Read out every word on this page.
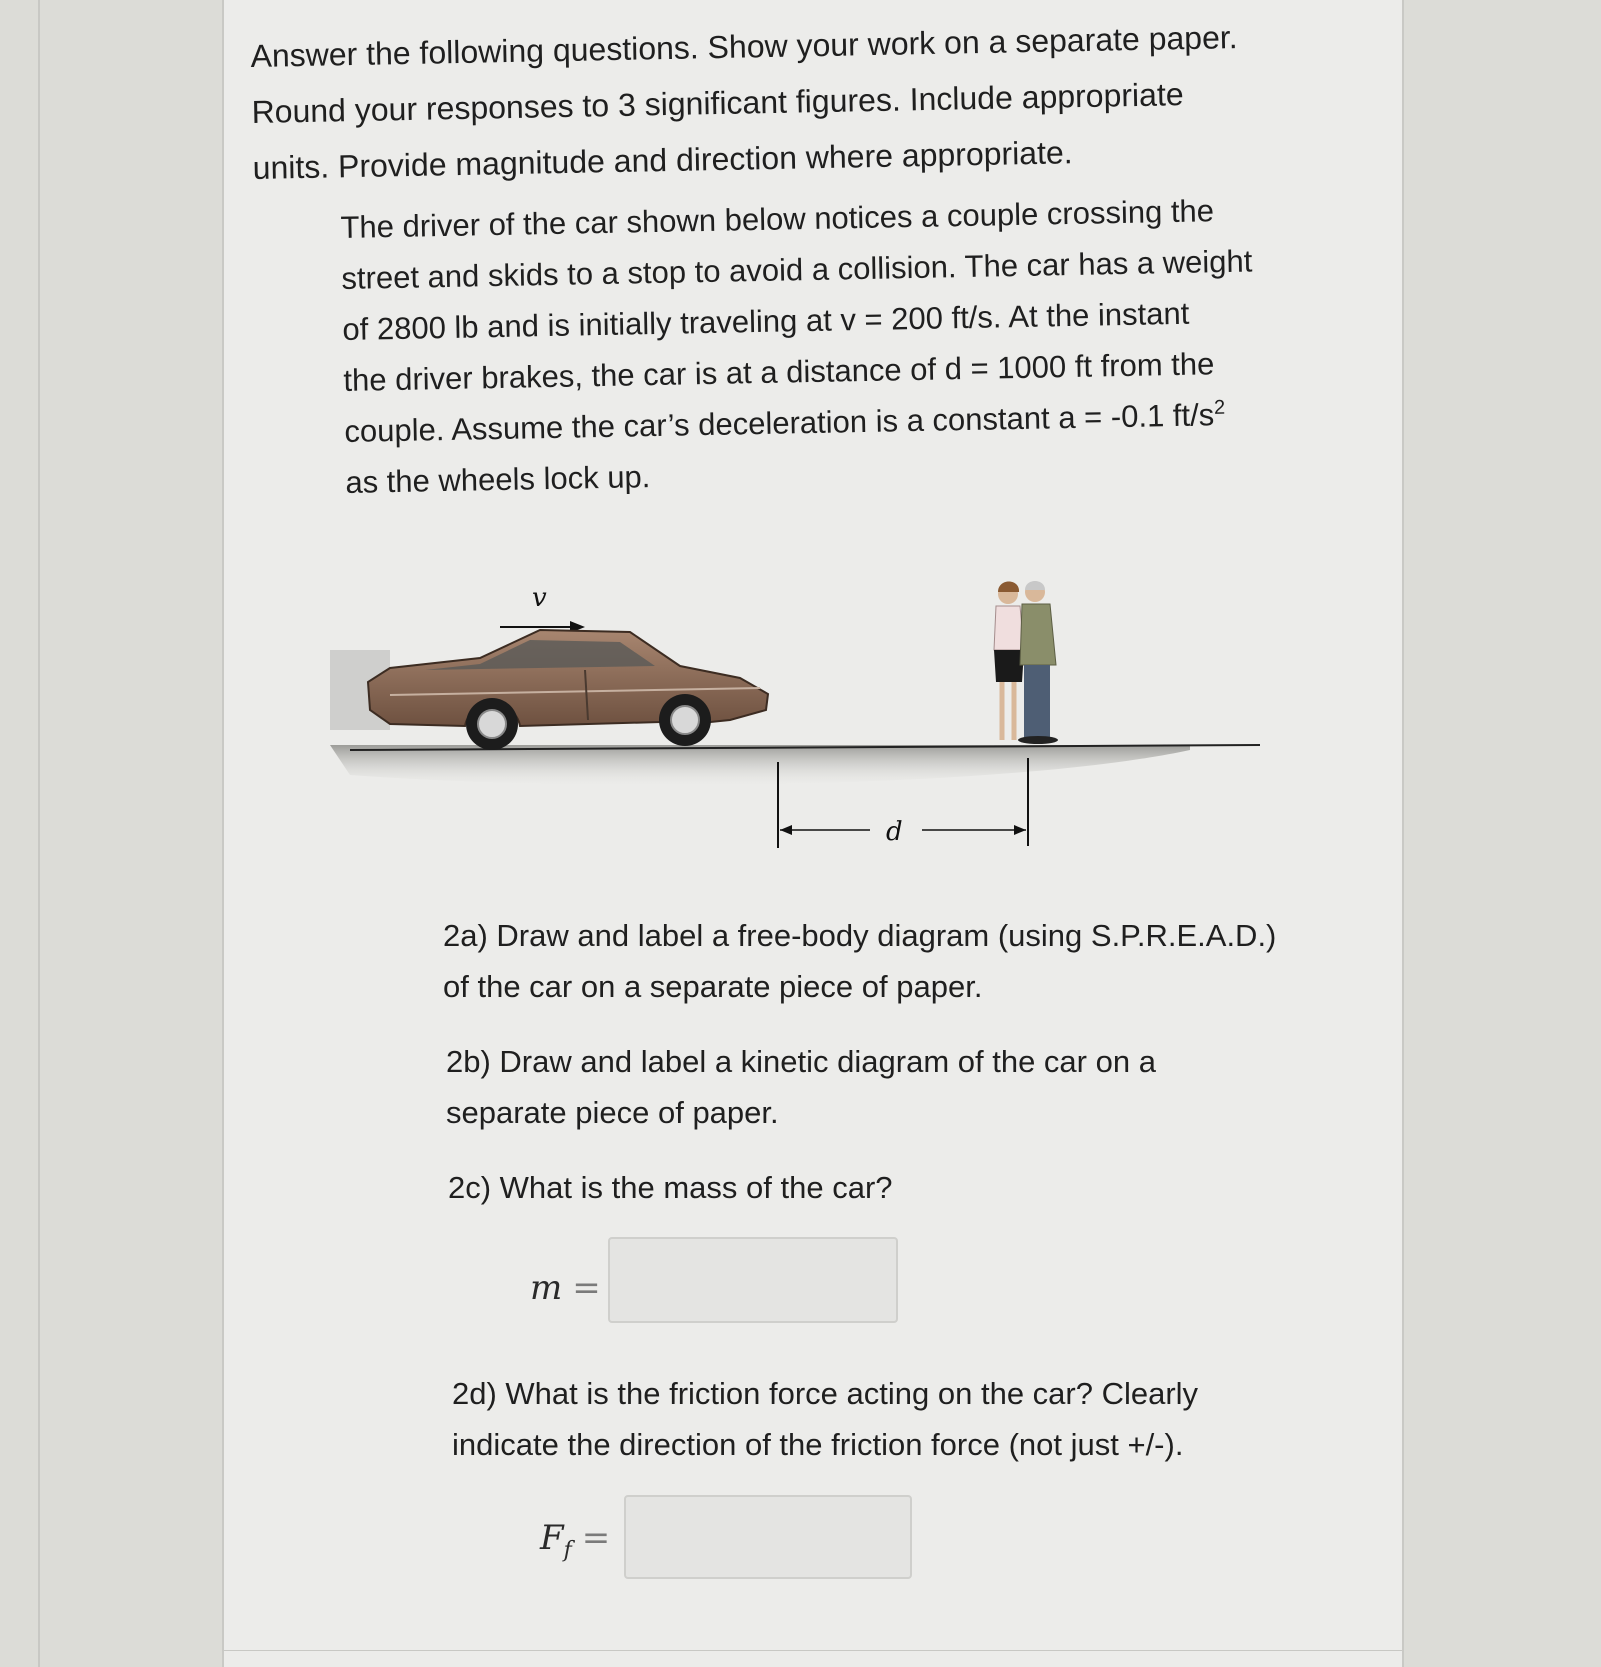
Answer the following questions. Show your work on a separate paper.
Round your responses to 3 significant figures. Include appropriate
units. Provide magnitude and direction where appropriate.
The driver of the car shown below notices a couple crossing the
street and skids to a stop to avoid a collision. The car has a weight
of 2800 lb and is initially traveling at v = 200 ft/s. At the instant
the driver brakes, the car is at a distance of d = 1000 ft from the
couple. Assume the car’s deceleration is a constant a = -0.1 $ft/s^2$
as the wheels lock up.
v
d
2a) Draw and label a free-body diagram (using S.P.R.E.A.D.)
of the car on a separate piece of paper.
2b) Draw and label a kinetic diagram of the car on a
separate piece of paper.
2c) What is the mass of the car?
m =
2d) What is the friction force acting on the car? Clearly
indicate the direction of the friction force (not just +/-).
$F_f$ =
